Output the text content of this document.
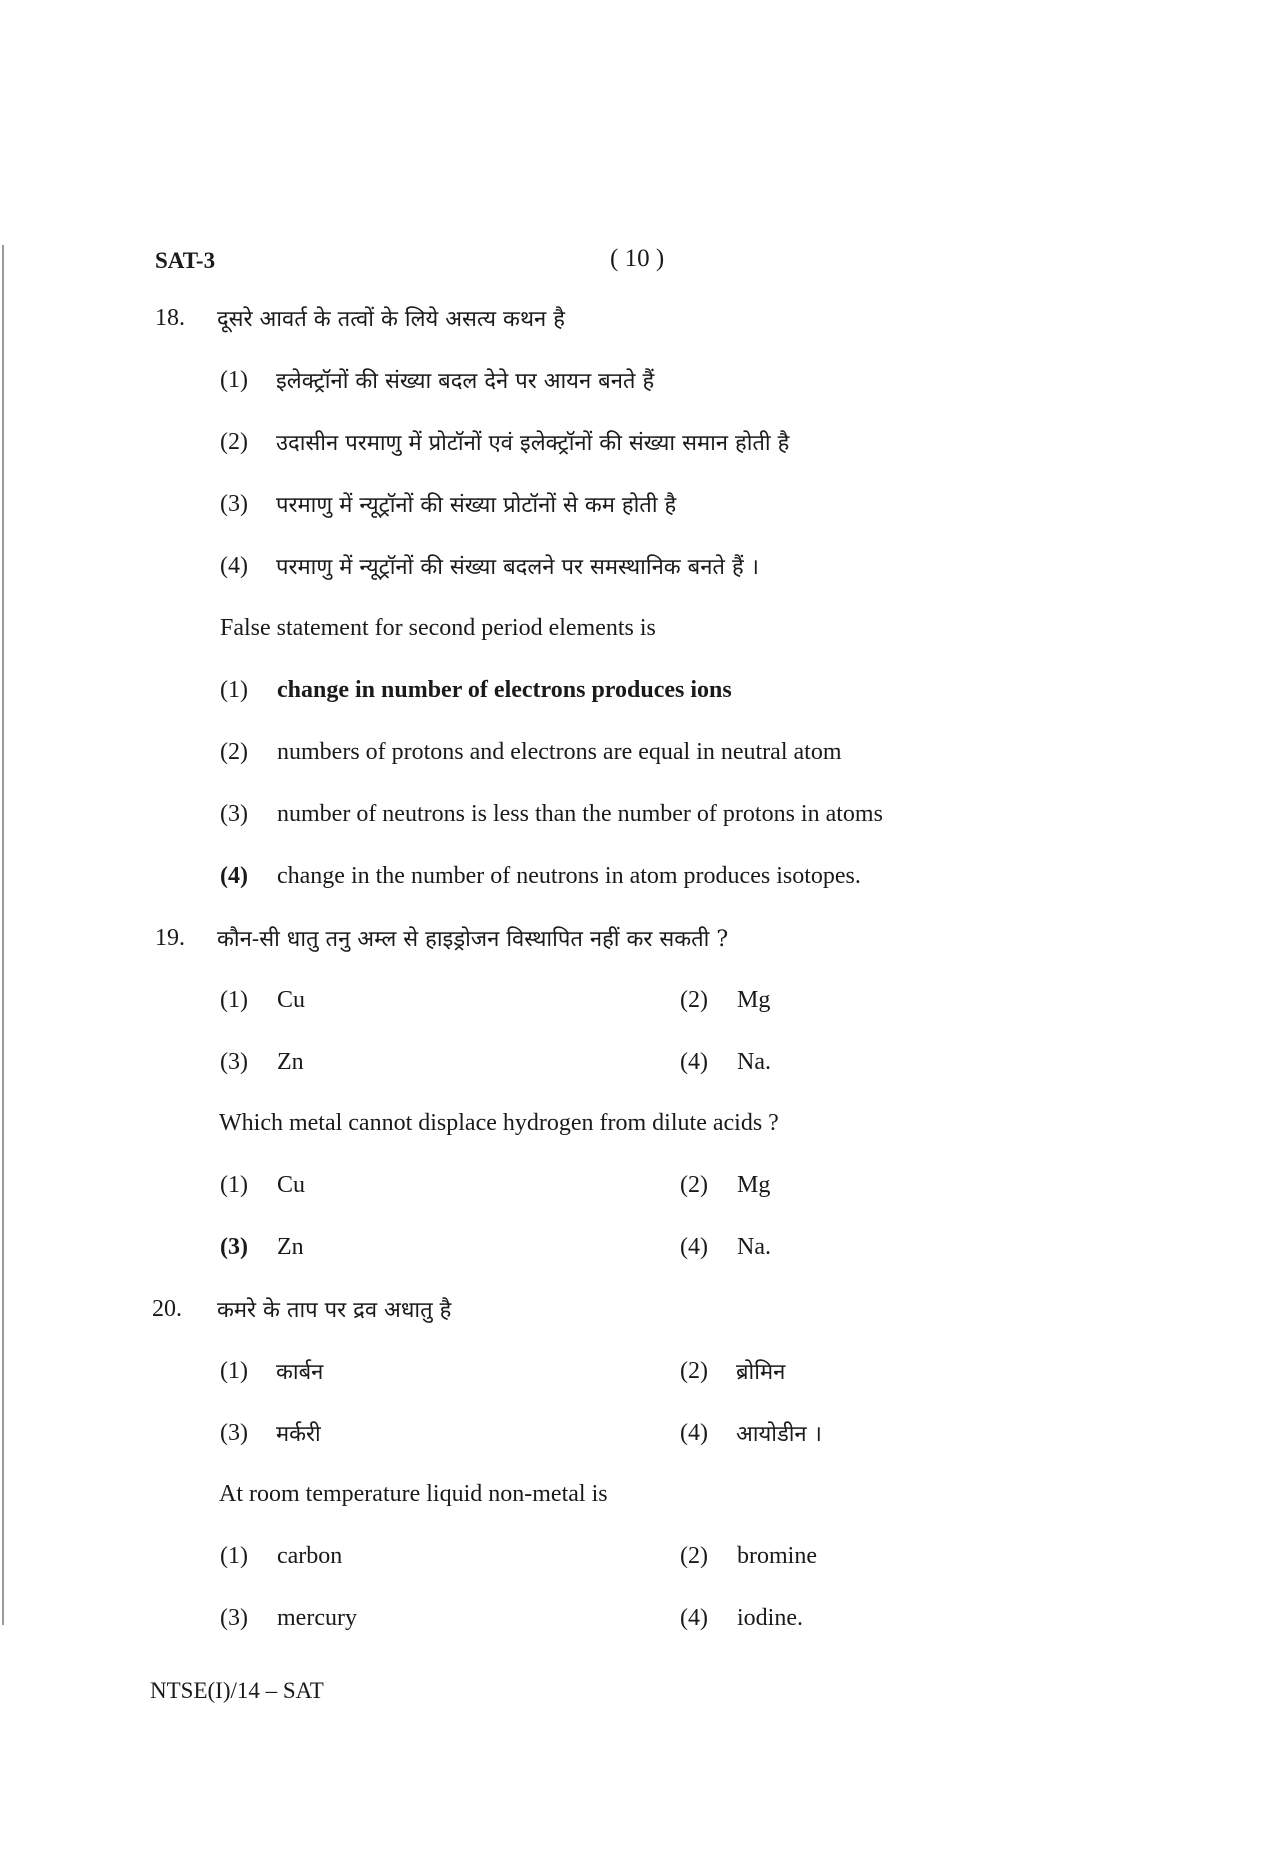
SAT-3	( 10 )
18. दूसरे आवर्त के तत्वों के लिये असत्य कथन है
(1) इलेक्ट्रॉनों की संख्या बदल देने पर आयन बनते हैं
(2) उदासीन परमाणु में प्रोटॉनों एवं इलेक्ट्रॉनों की संख्या समान होती है
(3) परमाणु में न्यूट्रॉनों की संख्या प्रोटॉनों से कम होती है
(4) परमाणु में न्यूट्रॉनों की संख्या बदलने पर समस्थानिक बनते हैं ।
False statement for second period elements is
(1) change in number of electrons produces ions
(2) numbers of protons and electrons are equal in neutral atom
(3) number of neutrons is less than the number of protons in atoms
(4) change in the number of neutrons in atom produces isotopes.
19. कौन-सी धातु तनु अम्ल से हाइड्रोजन विस्थापित नहीं कर सकती ?
(1) Cu	(2) Mg
(3) Zn	(4) Na.
Which metal cannot displace hydrogen from dilute acids ?
(1) Cu	(2) Mg
(3) Zn	(4) Na.
20. कमरे के ताप पर द्रव अधातु है
(1) कार्बन	(2) ब्रोमिन
(3) मर्करी	(4) आयोडीन ।
At room temperature liquid non-metal is
(1) carbon	(2) bromine
(3) mercury	(4) iodine.
NTSE(I)/14 – SAT
